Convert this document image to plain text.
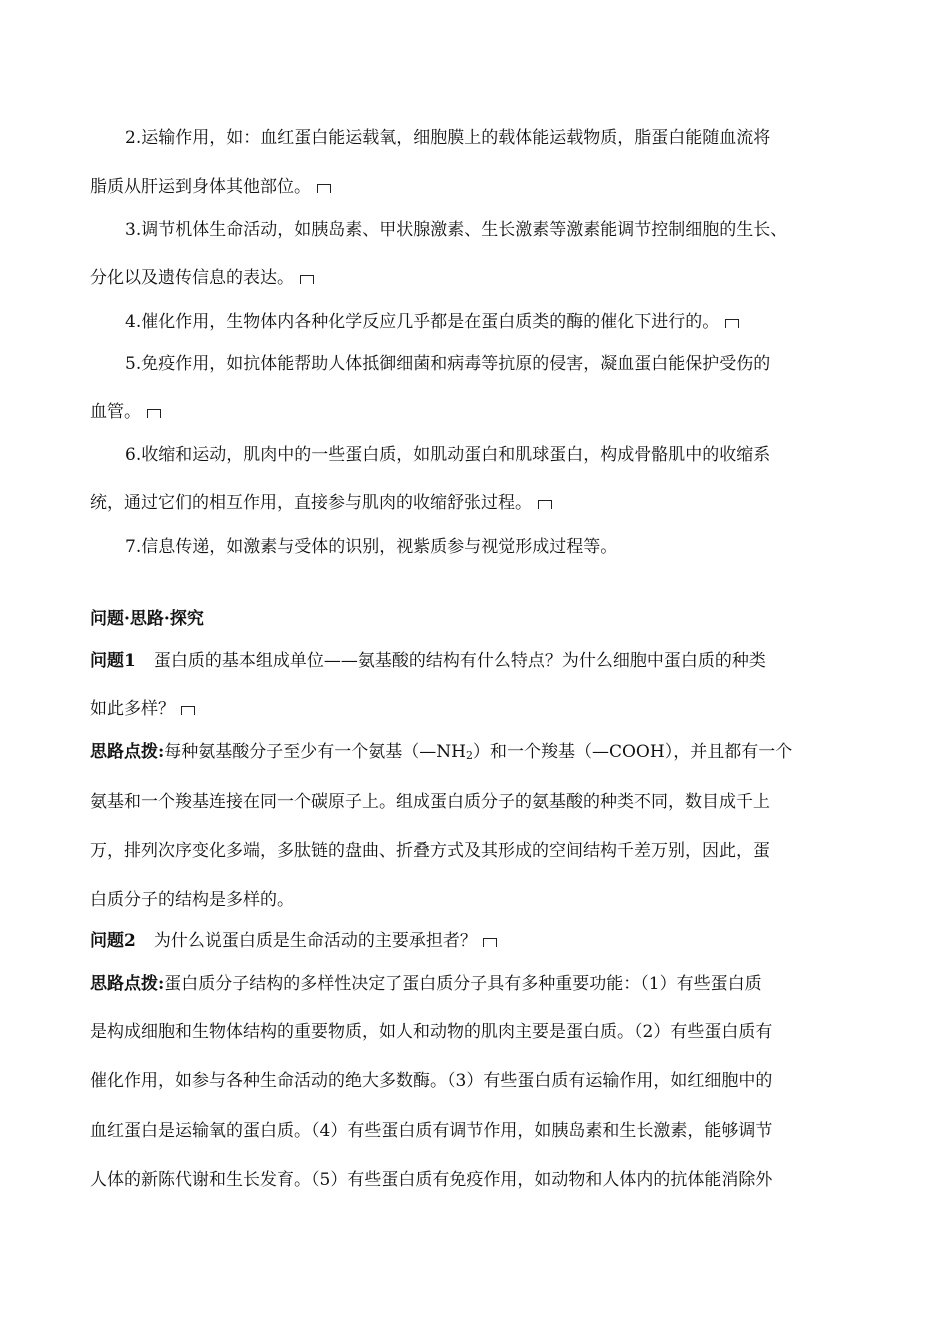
2.运输作用，如：血红蛋白能运载氧，细胞膜上的载体能运载物质，脂蛋白能随血流将
脂质从肝运到身体其他部位。
3.调节机体生命活动，如胰岛素、甲状腺激素、生长激素等激素能调节控制细胞的生长、
分化以及遗传信息的表达。
4.催化作用，生物体内各种化学反应几乎都是在蛋白质类的酶的催化下进行的。
5.免疫作用，如抗体能帮助人体抵御细菌和病毒等抗原的侵害，凝血蛋白能保护受伤的
血管。
6.收缩和运动，肌肉中的一些蛋白质，如肌动蛋白和肌球蛋白，构成骨骼肌中的收缩系
统，通过它们的相互作用，直接参与肌肉的收缩舒张过程。
7.信息传递，如激素与受体的识别，视紫质参与视觉形成过程等。
问题·思路·探究
问题1 蛋白质的基本组成单位——氨基酸的结构有什么特点？为什么细胞中蛋白质的种类
如此多样？
思路点拨:每种氨基酸分子至少有一个氨基（—NH2）和一个羧基（—COOH），并且都有一个
氨基和一个羧基连接在同一个碳原子上。组成蛋白质分子的氨基酸的种类不同，数目成千上
万，排列次序变化多端，多肽链的盘曲、折叠方式及其形成的空间结构千差万别，因此，蛋
白质分子的结构是多样的。
问题2 为什么说蛋白质是生命活动的主要承担者？
思路点拨:蛋白质分子结构的多样性决定了蛋白质分子具有多种重要功能：（1）有些蛋白质
是构成细胞和生物体结构的重要物质，如人和动物的肌肉主要是蛋白质。（2）有些蛋白质有
催化作用，如参与各种生命活动的绝大多数酶。（3）有些蛋白质有运输作用，如红细胞中的
血红蛋白是运输氧的蛋白质。（4）有些蛋白质有调节作用，如胰岛素和生长激素，能够调节
人体的新陈代谢和生长发育。（5）有些蛋白质有免疫作用，如动物和人体内的抗体能消除外
